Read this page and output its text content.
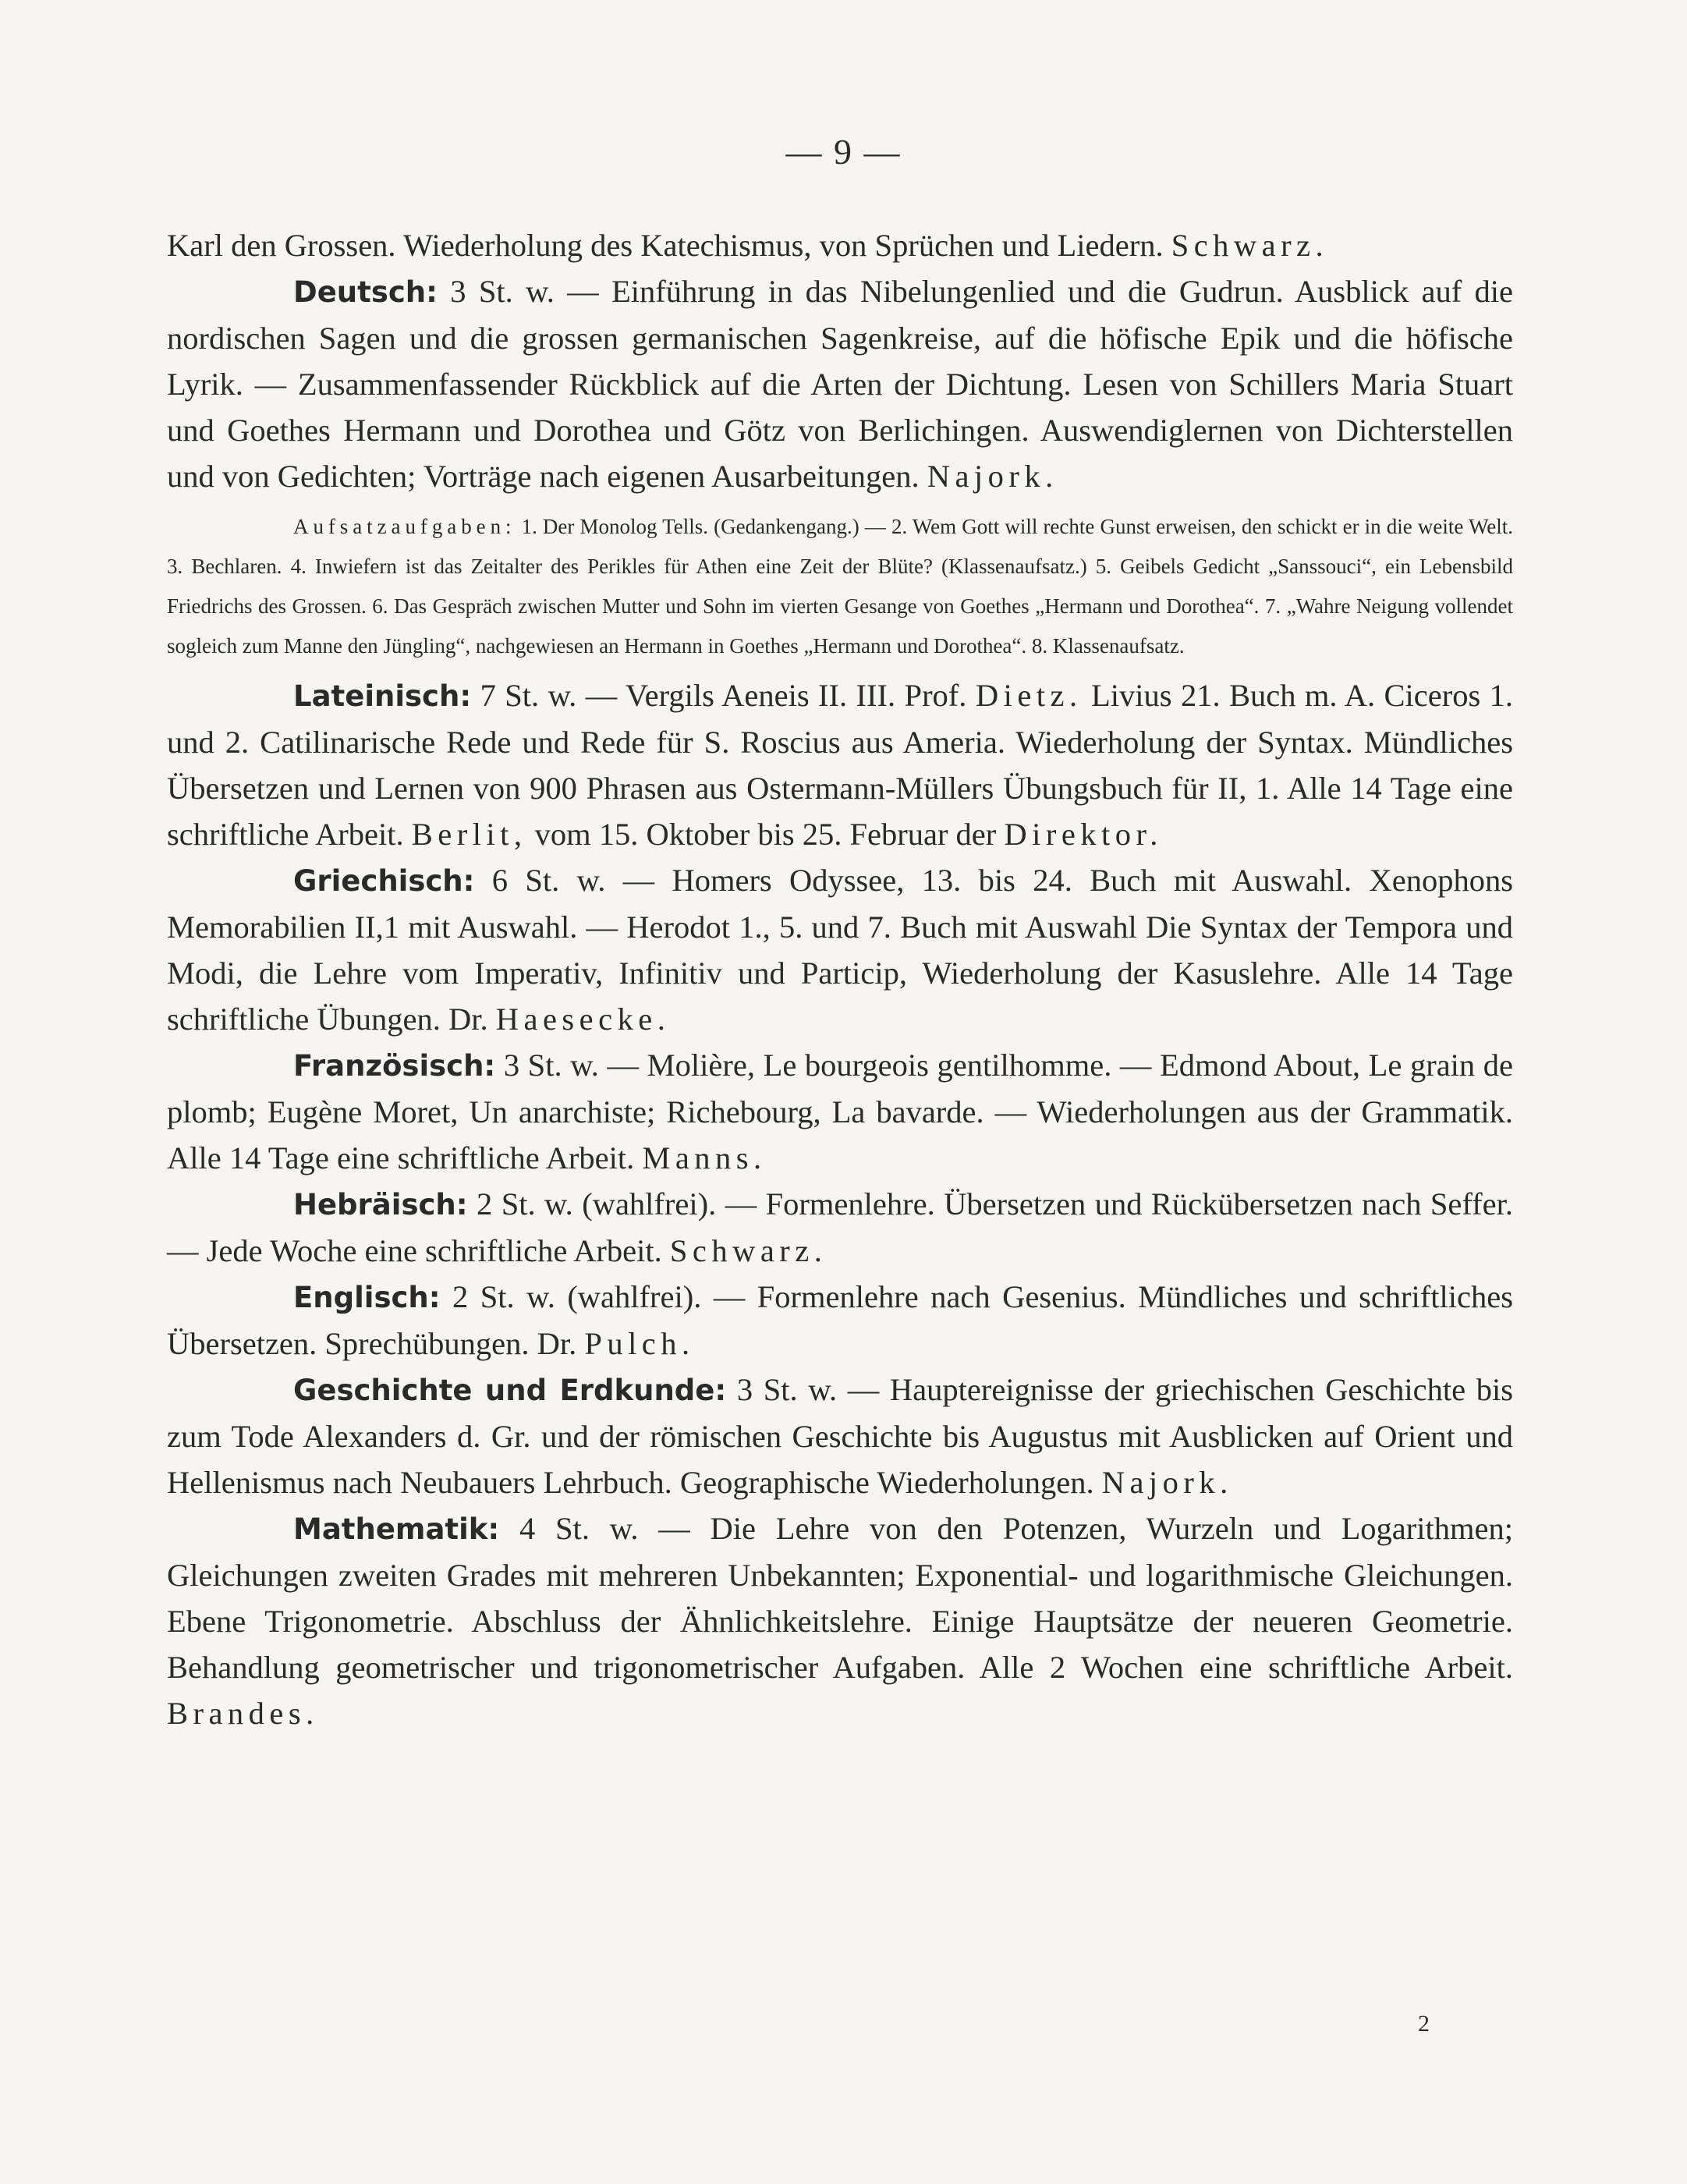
— 9 —

Karl den Grossen. Wiederholung des Katechismus, von Sprüchen und Liedern. Schwarz.

Deutsch: 3 St. w. — Einführung in das Nibelungenlied und die Gudrun. Ausblick auf die nordischen Sagen und die grossen germanischen Sagenkreise, auf die höfische Epik und die höfische Lyrik. — Zusammenfassender Rückblick auf die Arten der Dichtung. Lesen von Schillers Maria Stuart und Goethes Hermann und Dorothea und Götz von Berlichingen. Auswendiglernen von Dichterstellen und von Gedichten; Vorträge nach eigenen Ausarbeitungen. Najork.

Aufsatzaufgaben: 1. Der Monolog Tells. (Gedankengang.) — 2. Wem Gott will rechte Gunst erweisen, den schickt er in die weite Welt. 3. Bechlaren. 4. Inwiefern ist das Zeitalter des Perikles für Athen eine Zeit der Blüte? (Klassenaufsatz.) 5. Geibels Gedicht „Sanssouci“, ein Lebensbild Friedrichs des Grossen. 6. Das Gespräch zwischen Mutter und Sohn im vierten Gesange von Goethes „Hermann und Dorothea“. 7. „Wahre Neigung vollendet sogleich zum Manne den Jüngling“, nachgewiesen an Hermann in Goethes „Hermann und Dorothea“. 8. Klassenaufsatz.

Lateinisch: 7 St. w. — Vergils Aeneis II. III. Prof. Dietz. Livius 21. Buch m. A. Ciceros 1. und 2. Catilinarische Rede und Rede für S. Roscius aus Ameria. Wiederholung der Syntax. Mündliches Übersetzen und Lernen von 900 Phrasen aus Ostermann-Müllers Übungsbuch für II, 1. Alle 14 Tage eine schriftliche Arbeit. Berlit, vom 15. Oktober bis 25. Februar der Direktor.

Griechisch: 6 St. w. — Homers Odyssee, 13. bis 24. Buch mit Auswahl. Xenophons Memorabilien II,1 mit Auswahl. — Herodot 1., 5. und 7. Buch mit Auswahl Die Syntax der Tempora und Modi, die Lehre vom Imperativ, Infinitiv und Particip, Wiederholung der Kasuslehre. Alle 14 Tage schriftliche Übungen. Dr. Haesecke.

Französisch: 3 St. w. — Molière, Le bourgeois gentilhomme. — Edmond About, Le grain de plomb; Eugène Moret, Un anarchiste; Richebourg, La bavarde. — Wiederholungen aus der Grammatik. Alle 14 Tage eine schriftliche Arbeit. Manns.

Hebräisch: 2 St. w. (wahlfrei). — Formenlehre. Übersetzen und Rückübersetzen nach Seffer. — Jede Woche eine schriftliche Arbeit. Schwarz.

Englisch: 2 St. w. (wahlfrei). — Formenlehre nach Gesenius. Mündliches und schriftliches Übersetzen. Sprechübungen. Dr. Pulch.

Geschichte und Erdkunde: 3 St. w. — Hauptereignisse der griechischen Geschichte bis zum Tode Alexanders d. Gr. und der römischen Geschichte bis Augustus mit Ausblicken auf Orient und Hellenismus nach Neubauers Lehrbuch. Geographische Wiederholungen. Najork.

Mathematik: 4 St. w. — Die Lehre von den Potenzen, Wurzeln und Logarithmen; Gleichungen zweiten Grades mit mehreren Unbekannten; Exponential- und logarithmische Gleichungen. Ebene Trigonometrie. Abschluss der Ähnlichkeitslehre. Einige Hauptsätze der neueren Geometrie. Behandlung geometrischer und trigonometrischer Aufgaben. Alle 2 Wochen eine schriftliche Arbeit. Brandes.

2
